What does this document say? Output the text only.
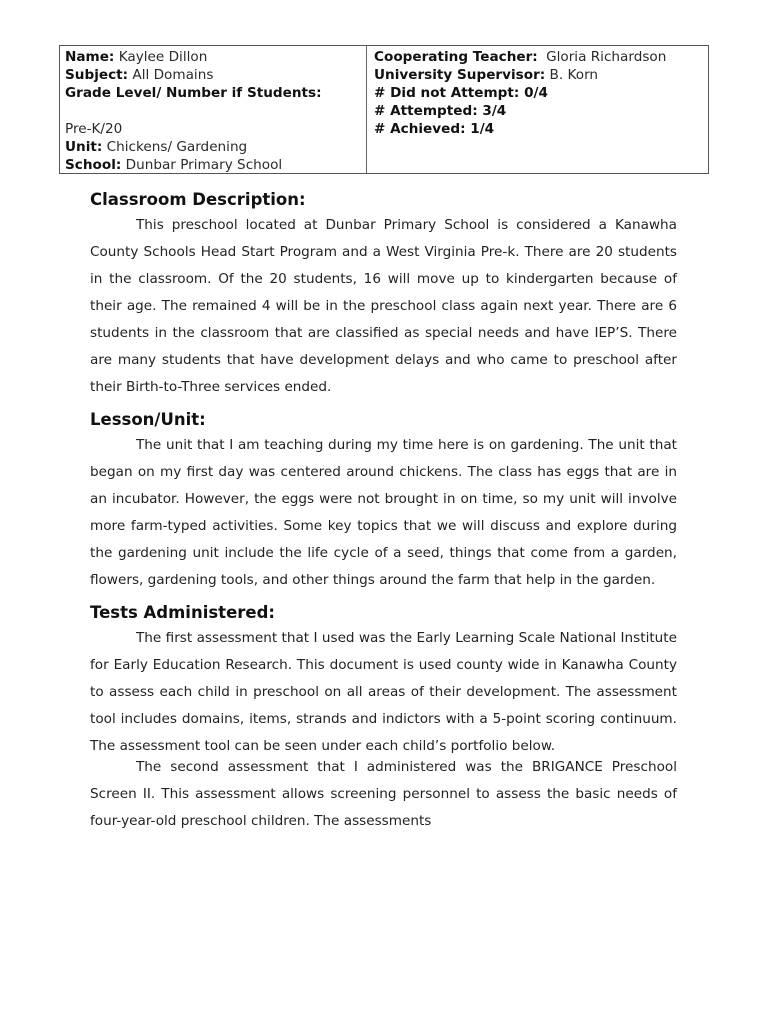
Name: Kaylee Dillon
Subject: All Domains
Grade Level/ Number if Students:
Pre-K/20
Unit: Chickens/ Gardening
School: Dunbar Primary School
Cooperating Teacher: Gloria Richardson
University Supervisor: B. Korn
# Did not Attempt: 0/4
# Attempted: 3/4
# Achieved: 1/4
Classroom Description:

This preschool located at Dunbar Primary School is considered a Kanawha County Schools Head Start Program and a West Virginia Pre-k. There are 20 students in the classroom. Of the 20 students, 16 will move up to kindergarten because of their age. The remained 4 will be in the preschool class again next year. There are 6 students in the classroom that are classified as special needs and have IEP’S. There are many students that have development delays and who came to preschool after their Birth-to-Three services ended.

Lesson/Unit:

The unit that I am teaching during my time here is on gardening. The unit that began on my first day was centered around chickens. The class has eggs that are in an incubator. However, the eggs were not brought in on time, so my unit will involve more farm-typed activities. Some key topics that we will discuss and explore during the gardening unit include the life cycle of a seed, things that come from a garden, flowers, gardening tools, and other things around the farm that help in the garden.

Tests Administered:

The first assessment that I used was the Early Learning Scale National Institute for Early Education Research. This document is used county wide in Kanawha County to assess each child in preschool on all areas of their development. The assessment tool includes domains, items, strands and indictors with a 5-point scoring continuum. The assessment tool can be seen under each child’s portfolio below.

The second assessment that I administered was the BRIGANCE Preschool Screen II. This assessment allows screening personnel to assess the basic needs of four-year-old preschool children. The assessments
